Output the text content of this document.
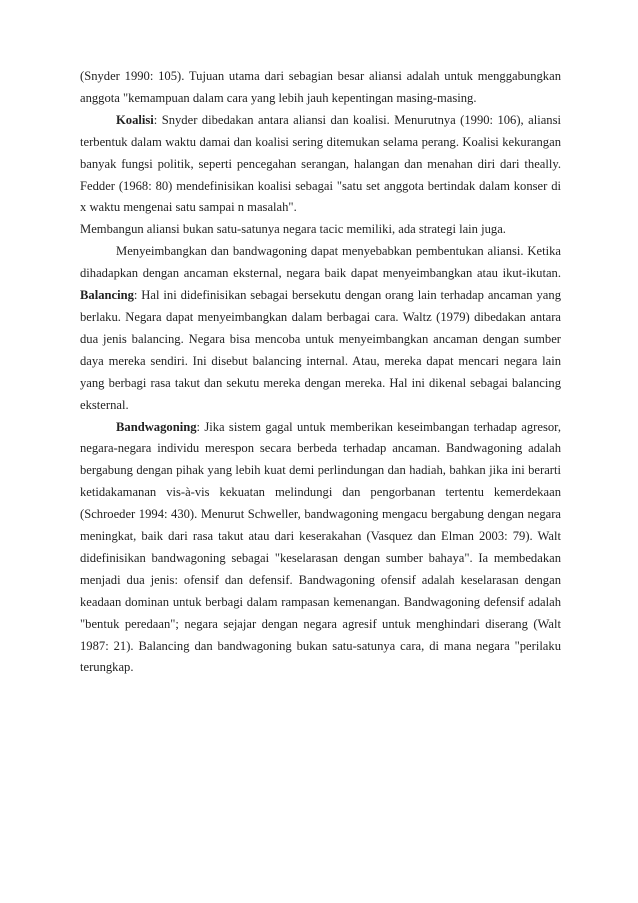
(Snyder 1990: 105). Tujuan utama dari sebagian besar aliansi adalah untuk menggabungkan anggota "kemampuan dalam cara yang lebih jauh kepentingan masing-masing.

Koalisi: Snyder dibedakan antara aliansi dan koalisi. Menurutnya (1990: 106), aliansi terbentuk dalam waktu damai dan koalisi sering ditemukan selama perang. Koalisi kekurangan banyak fungsi politik, seperti pencegahan serangan, halangan dan menahan diri dari theally. Fedder (1968: 80) mendefinisikan koalisi sebagai "satu set anggota bertindak dalam konser di x waktu mengenai satu sampai n masalah".

Membangun aliansi bukan satu-satunya negara tacic memiliki, ada strategi lain juga.

Menyeimbangkan dan bandwagoning dapat menyebabkan pembentukan aliansi. Ketika dihadapkan dengan ancaman eksternal, negara baik dapat menyeimbangkan atau ikut-ikutan. Balancing: Hal ini didefinisikan sebagai bersekutu dengan orang lain terhadap ancaman yang berlaku. Negara dapat menyeimbangkan dalam berbagai cara. Waltz (1979) dibedakan antara dua jenis balancing. Negara bisa mencoba untuk menyeimbangkan ancaman dengan sumber daya mereka sendiri. Ini disebut balancing internal. Atau, mereka dapat mencari negara lain yang berbagi rasa takut dan sekutu mereka dengan mereka. Hal ini dikenal sebagai balancing eksternal.

Bandwagoning: Jika sistem gagal untuk memberikan keseimbangan terhadap agresor, negara-negara individu merespon secara berbeda terhadap ancaman. Bandwagoning adalah bergabung dengan pihak yang lebih kuat demi perlindungan dan hadiah, bahkan jika ini berarti ketidakamanan vis-à-vis kekuatan melindungi dan pengorbanan tertentu kemerdekaan (Schroeder 1994: 430). Menurut Schweller, bandwagoning mengacu bergabung dengan negara meningkat, baik dari rasa takut atau dari keserakahan (Vasquez dan Elman 2003: 79). Walt didefinisikan bandwagoning sebagai "keselarasan dengan sumber bahaya". Ia membedakan menjadi dua jenis: ofensif dan defensif. Bandwagoning ofensif adalah keselarasan dengan keadaan dominan untuk berbagi dalam rampasan kemenangan. Bandwagoning defensif adalah "bentuk peredaan"; negara sejajar dengan negara agresif untuk menghindari diserang (Walt 1987: 21). Balancing dan bandwagoning bukan satu-satunya cara, di mana negara "perilaku terungkap.
